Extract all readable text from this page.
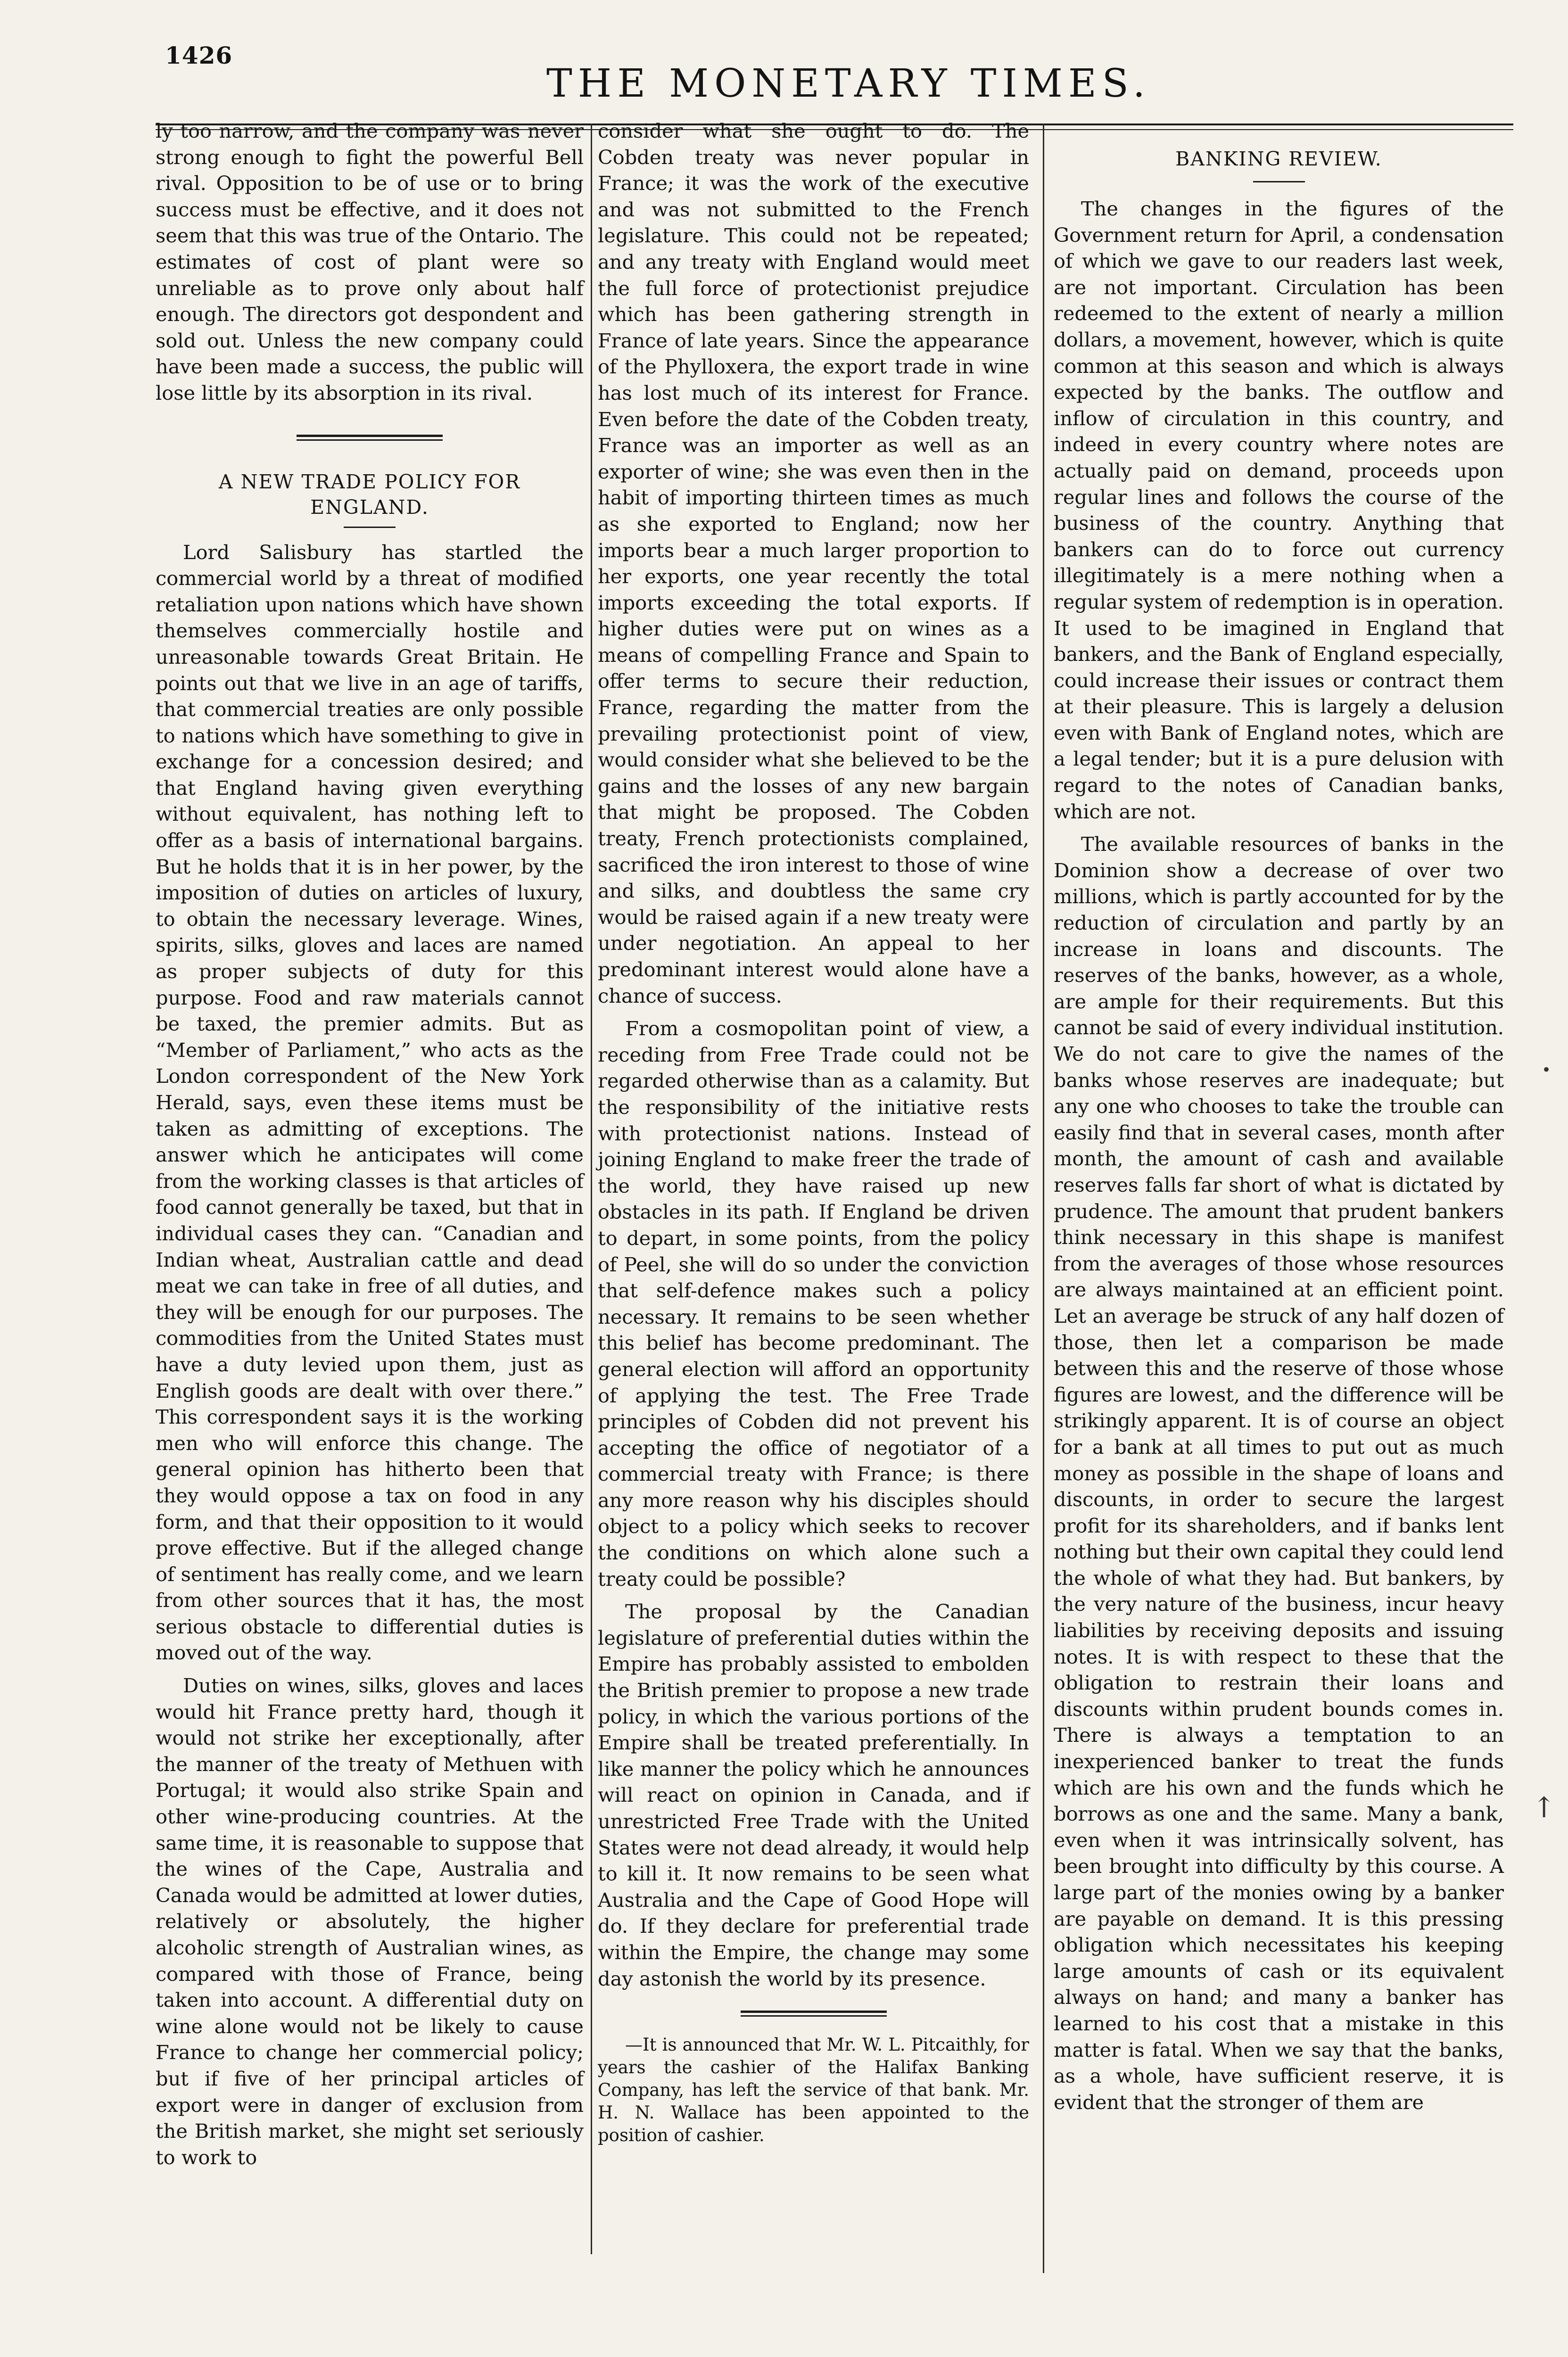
1426
THE MONETARY TIMES.

ly too narrow, and the company was never strong enough to fight the powerful Bell rival. Opposition to be of use or to bring success must be effective, and it does not seem that this was true of the Ontario. The estimates of cost of plant were so unreliable as to prove only about half enough. The directors got despondent and sold out. Unless the new company could have been made a success, the public will lose little by its absorption in its rival.

A NEW TRADE POLICY FOR

ENGLAND.

Lord Salisbury has startled the commercial world by a threat of modified retaliation upon nations which have shown themselves commercially hostile and unreasonable towards Great Britain. He points out that we live in an age of tariffs, that commercial treaties are only possible to nations which have something to give in exchange for a concession desired; and that England having given everything without equivalent, has nothing left to offer as a basis of international bargains. But he holds that it is in her power, by the imposition of duties on articles of luxury, to obtain the necessary leverage. Wines, spirits, silks, gloves and laces are named as proper subjects of duty for this purpose. Food and raw materials cannot be taxed, the premier admits. But as “Member of Parliament,” who acts as the London correspondent of the New York Herald, says, even these items must be taken as admitting of exceptions. The answer which he anticipates will come from the working classes is that articles of food cannot generally be taxed, but that in individual cases they can. “Canadian and Indian wheat, Australian cattle and dead meat we can take in free of all duties, and they will be enough for our purposes. The commodities from the United States must have a duty levied upon them, just as English goods are dealt with over there.” This correspondent says it is the working men who will enforce this change. The general opinion has hitherto been that they would oppose a tax on food in any form, and that their opposition to it would prove effective. But if the alleged change of sentiment has really come, and we learn from other sources that it has, the most serious obstacle to differential duties is moved out of the way.

Duties on wines, silks, gloves and laces would hit France pretty hard, though it would not strike her exceptionally, after the manner of the treaty of Methuen with Portugal; it would also strike Spain and other wine-producing countries. At the same time, it is reasonable to suppose that the wines of the Cape, Australia and Canada would be admitted at lower duties, relatively or absolutely, the higher alcoholic strength of Australian wines, as compared with those of France, being taken into account. A differential duty on wine alone would not be likely to cause France to change her commercial policy; but if five of her principal articles of export were in danger of exclusion from the British market, she might set seriously to work to

consider what she ought to do. The Cobden treaty was never popular in France; it was the work of the executive and was not submitted to the French legislature. This could not be repeated; and any treaty with England would meet the full force of protectionist prejudice which has been gathering strength in France of late years. Since the appearance of the Phylloxera, the export trade in wine has lost much of its interest for France. Even before the date of the Cobden treaty, France was an importer as well as an exporter of wine; she was even then in the habit of importing thirteen times as much as she exported to England; now her imports bear a much larger proportion to her exports, one year recently the total imports exceeding the total exports. If higher duties were put on wines as a means of compelling France and Spain to offer terms to secure their reduction, France, regarding the matter from the prevailing protectionist point of view, would consider what she believed to be the gains and the losses of any new bargain that might be proposed. The Cobden treaty, French protectionists complained, sacrificed the iron interest to those of wine and silks, and doubtless the same cry would be raised again if a new treaty were under negotiation. An appeal to her predominant interest would alone have a chance of success.

From a cosmopolitan point of view, a receding from Free Trade could not be regarded otherwise than as a calamity. But the responsibility of the initiative rests with protectionist nations. Instead of joining England to make freer the trade of the world, they have raised up new obstacles in its path. If England be driven to depart, in some points, from the policy of Peel, she will do so under the conviction that self-defence makes such a policy necessary. It remains to be seen whether this belief has become predominant. The general election will afford an opportunity of applying the test. The Free Trade principles of Cobden did not prevent his accepting the office of negotiator of a commercial treaty with France; is there any more reason why his disciples should object to a policy which seeks to recover the conditions on which alone such a treaty could be possible?

The proposal by the Canadian legislature of preferential duties within the Empire has probably assisted to embolden the British premier to propose a new trade policy, in which the various portions of the Empire shall be treated preferentially. In like manner the policy which he announces will react on opinion in Canada, and if unrestricted Free Trade with the United States were not dead already, it would help to kill it. It now remains to be seen what Australia and the Cape of Good Hope will do. If they declare for preferential trade within the Empire, the change may some day astonish the world by its presence.

—It is announced that Mr. W. L. Pitcaithly, for years the cashier of the Halifax Banking Company, has left the service of that bank. Mr. H. N. Wallace has been appointed to the position of cashier.

BANKING REVIEW.

The changes in the figures of the Government return for April, a condensation of which we gave to our readers last week, are not important. Circulation has been redeemed to the extent of nearly a million dollars, a movement, however, which is quite common at this season and which is always expected by the banks. The outflow and inflow of circulation in this country, and indeed in every country where notes are actually paid on demand, proceeds upon regular lines and follows the course of the business of the country. Anything that bankers can do to force out currency illegitimately is a mere nothing when a regular system of redemption is in operation. It used to be imagined in England that bankers, and the Bank of England especially, could increase their issues or contract them at their pleasure. This is largely a delusion even with Bank of England notes, which are a legal tender; but it is a pure delusion with regard to the notes of Canadian banks, which are not.

The available resources of banks in the Dominion show a decrease of over two millions, which is partly accounted for by the reduction of circulation and partly by an increase in loans and discounts. The reserves of the banks, however, as a whole, are ample for their requirements. But this cannot be said of every individual institution. We do not care to give the names of the banks whose reserves are inadequate; but any one who chooses to take the trouble can easily find that in several cases, month after month, the amount of cash and available reserves falls far short of what is dictated by prudence. The amount that prudent bankers think necessary in this shape is manifest from the averages of those whose resources are always maintained at an efficient point. Let an average be struck of any half dozen of those, then let a comparison be made between this and the reserve of those whose figures are lowest, and the difference will be strikingly apparent. It is of course an object for a bank at all times to put out as much money as possible in the shape of loans and discounts, in order to secure the largest profit for its shareholders, and if banks lent nothing but their own capital they could lend the whole of what they had. But bankers, by the very nature of the business, incur heavy liabilities by receiving deposits and issuing notes. It is with respect to these that the obligation to restrain their loans and discounts within prudent bounds comes in. There is always a temptation to an inexperienced banker to treat the funds which are his own and the funds which he borrows as one and the same. Many a bank, even when it was intrinsically solvent, has been brought into difficulty by this course. A large part of the monies owing by a banker are payable on demand. It is this pressing obligation which necessitates his keeping large amounts of cash or its equivalent always on hand; and many a banker has learned to his cost that a mistake in this matter is fatal. When we say that the banks, as a whole, have sufficient reserve, it is evident that the stronger of them are

↑
•
